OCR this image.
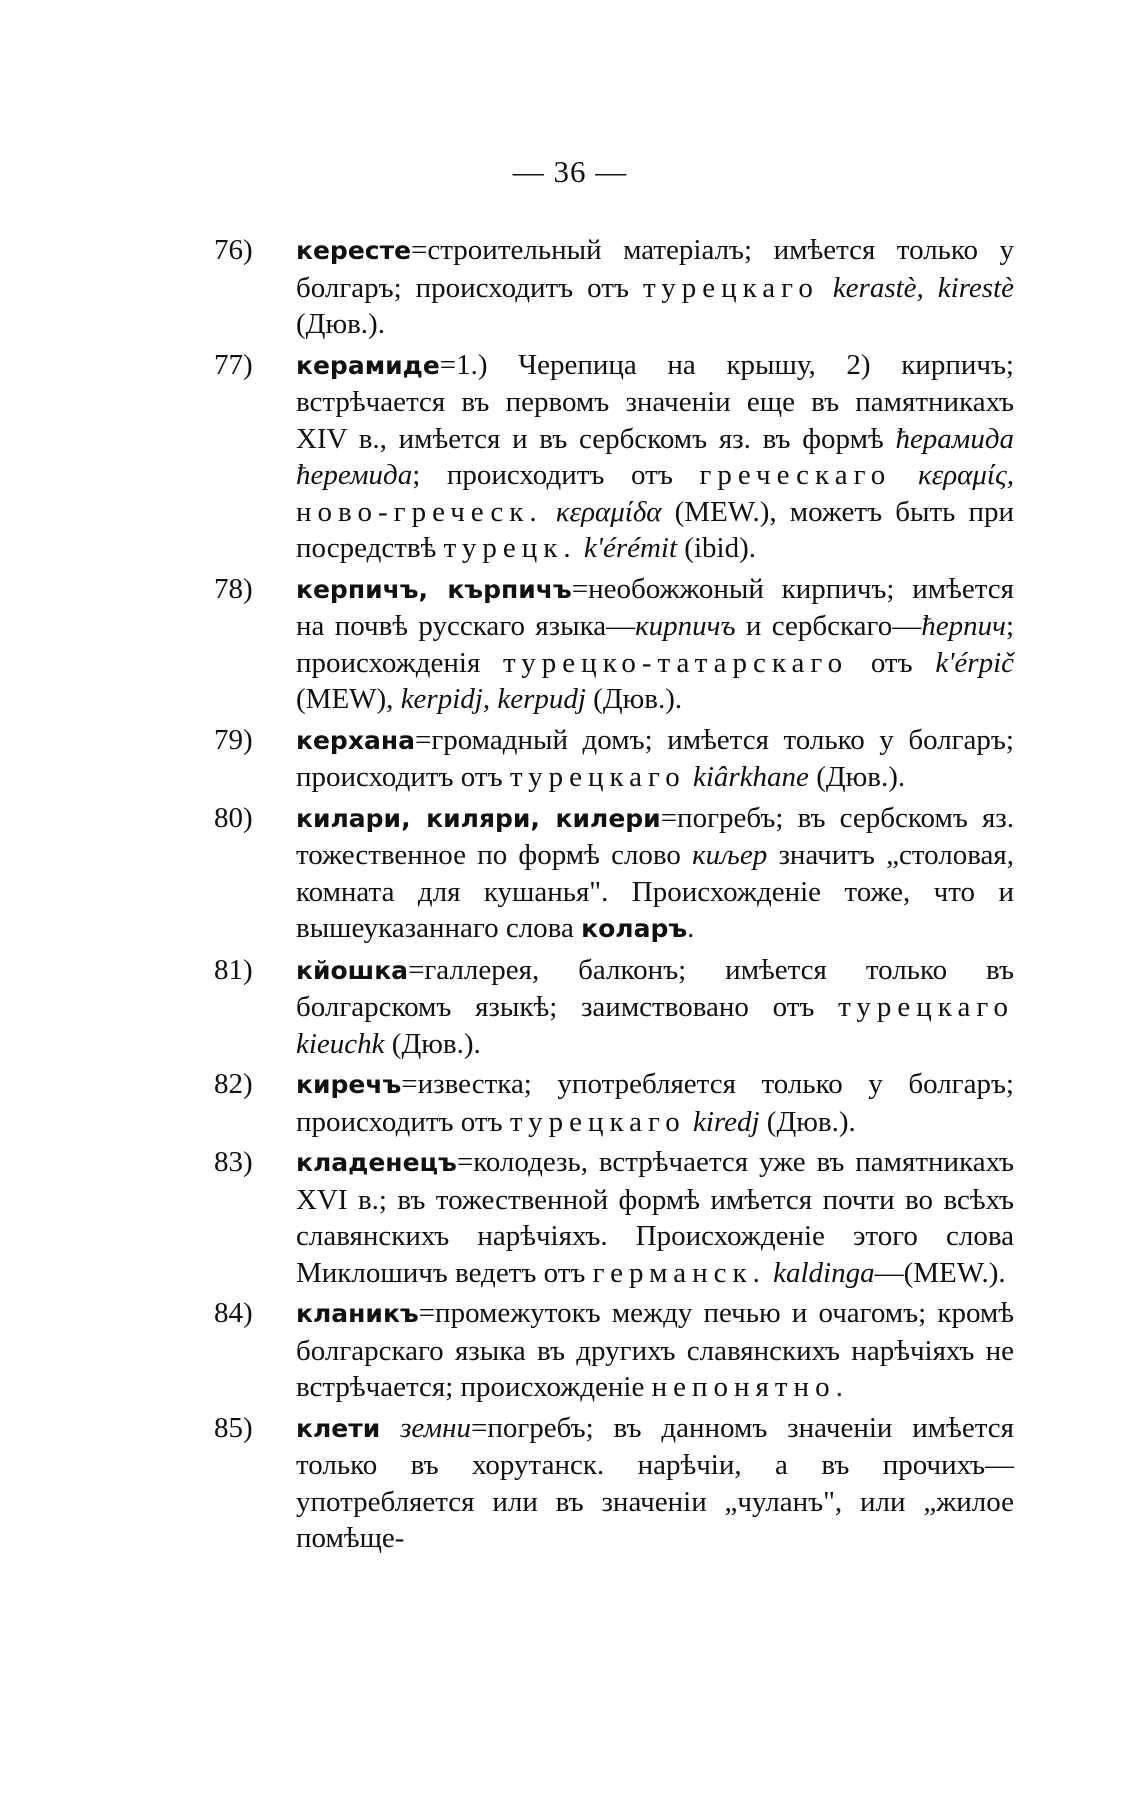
— 36 —
76) кересте=строительный матеріалъ; имѣется только у болгаръ; происходитъ отъ турецкаго kerastè, kirestè (Дюв.).
77) керамиде=1.) Черепица на крышу, 2) кирпичъ; встрѣчается въ первомъ значеніи еще въ памятникахъ XIV в., имѣется и въ сербскомъ яз. въ формѣ ћерамида ћеремида; происходитъ отъ греческаго κεραμίς, ново-греческ. κεραμίδα (MEW.), можетъ быть при посредствѣ турецк. k'érémit (ibid).
78) керпичъ, кърпичъ=необожжоный кирпичъ; имѣется на почвѣ русскаго языка—кирпичъ и сербскаго—ћерпич; происхожденія турецко-татарскаго отъ k'érpič (MEW), kerpidj, kerpudj (Дюв.).
79) керхана=громадный домъ; имѣется только у болгаръ; происходитъ отъ турецкаго kiârkhane (Дюв.).
80) килари, киляри, килери=погребъ; въ сербскомъ яз. тожественное по формѣ слово киљер значитъ „столовая, комната для кушанья". Происхожденіе тоже, что и вышеуказаннаго слова коларъ.
81) кйошка=галлерея, балконъ; имѣется только въ болгарскомъ языкѣ; заимствовано отъ турецкаго kieuchk (Дюв.).
82) киречъ=известка; употребляется только у болгаръ; происходитъ отъ турецкаго kiredj (Дюв.).
83) кладенецъ=колодезь, встрѣчается уже въ памятникахъ XVI в.; въ тожественной формѣ имѣется почти во всѣхъ славянскихъ нарѣчіяхъ. Происхожденіе этого слова Миклошичъ ведетъ отъ германск. kaldinga—(MEW.).
84) кланикъ=промежутокъ между печью и очагомъ; кромѣ болгарскаго языка въ другихъ славянскихъ нарѣчіяхъ не встрѣчается; происхожденіе непонятно.
85) клети земни=погребъ; въ данномъ значеніи имѣется только въ хорутанск. нарѣчіи, а въ прочихъ—употребляется или въ значеніи „чуланъ", или „жилое помѣще-
